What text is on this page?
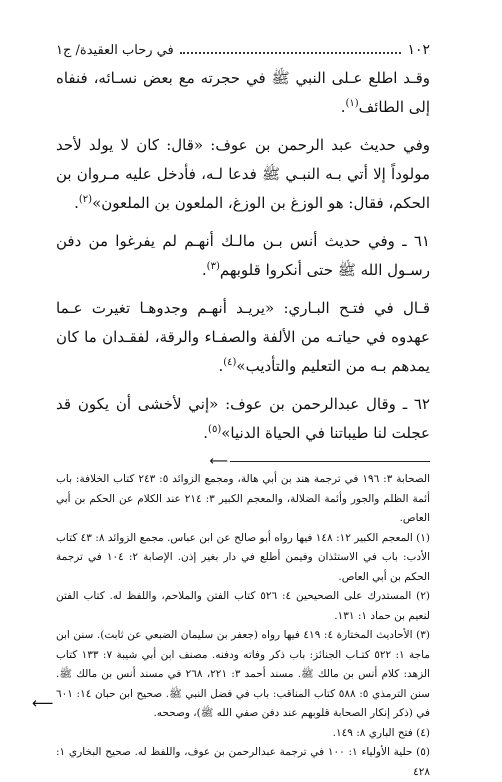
١٠٢
في رحاب العقيدة/ ج١

وقـد اطلع عـلى النبي ﷺ في حجرته مع بعض نسـائه، فنفاه إلى الطائف$^{(١)}$.

وفي حديث عبد الرحمن بن عوف: «قال: كان لا يولد لأحد مولوداً إلا أتي بـه النبـي ﷺ فدعا لـه، فأدخل عليه مـروان بن الحكم، فقال: هو الوزغ بن الوزغ، الملعون بن الملعون»$^{(٢)}$.

٦١ ـ وفي حديث أنس بـن مالـك أنهـم لم يفرغوا من دفن رسـول الله ﷺ حتى أنكروا قلوبهم$^{(٣)}$.

قـال في فتـح البـاري: «يريـد أنهـم وجدوهـا تغيرت عـما عهدوه في حياتـه من الألفة والصفـاء والرقة، لفقـدان ما كان يمدهم بـه من التعليم والتأديب»$^{(٤)}$.

٦٢ ـ وقال عبدالرحمن بن عوف: «إني لأخشى أن يكون قد عجلت لنا طيباتنا في الحياة الدنيا»$^{(٥)}$.

⟵

الصحابة ٣: ١٩٦ في ترجمة هند بن أبي هالة، ومجمع الزوائد ٥: ٢٤٣ كتاب الخلافة: باب أئمة الظلم والجور وأئمة الضلالة، والمعجم الكبير ٣: ٢١٤ عند الكلام عن الحكم بن أبي العاص.

(١) المعجم الكبير ١٢: ١٤٨ فيها رواه أبو صالح عن ابن عباس. مجمع الزوائد ٨: ٤٣ كتاب الأدب: باب في الاستئذان وفيمن أطلع في دار بغير إذن. الإصابة ٢: ١٠٤ في ترجمة الحكم بن أبي العاص.

(٢) المستدرك على الصحيحين ٤: ٥٢٦ كتاب الفتن والملاحم، واللفظ له. كتاب الفتن لنعيم بن حماد ١: ١٣١.

(٣) الأحاديث المختارة ٤: ٤١٩ فيها رواه (جعفر بن سليمان الضبعي عن ثابت). سنن ابن ماجة ١: ٥٢٢ كتـاب الجنائز: باب ذكر وفاته ودفنه. مصنف ابن أبي شيبة ٧: ١٣٣ كتاب الزهد: كلام أنس بن مالك ﷺ. مسند أحمد ٣: ٢٢١، ٢٦٨ في مسند أنس بن مالك ﷺ. سنن الترمذي ٥: ٥٨٨ كتاب المناقب: باب في فضل النبي ﷺ. صحيح ابن حبان ١٤: ٦٠١ في (ذكر إنكار الصحابة قلوبهم عند دفن صفي الله ﷺ)، وصححه.

(٤) فتح الباري ٨: ١٤٩.

(٥) حلية الأولياء ١: ١٠٠ في ترجمة عبدالرحمن بن عوف، واللفظ له. صحيح البخاري ١: ٤٢٨

⟵
